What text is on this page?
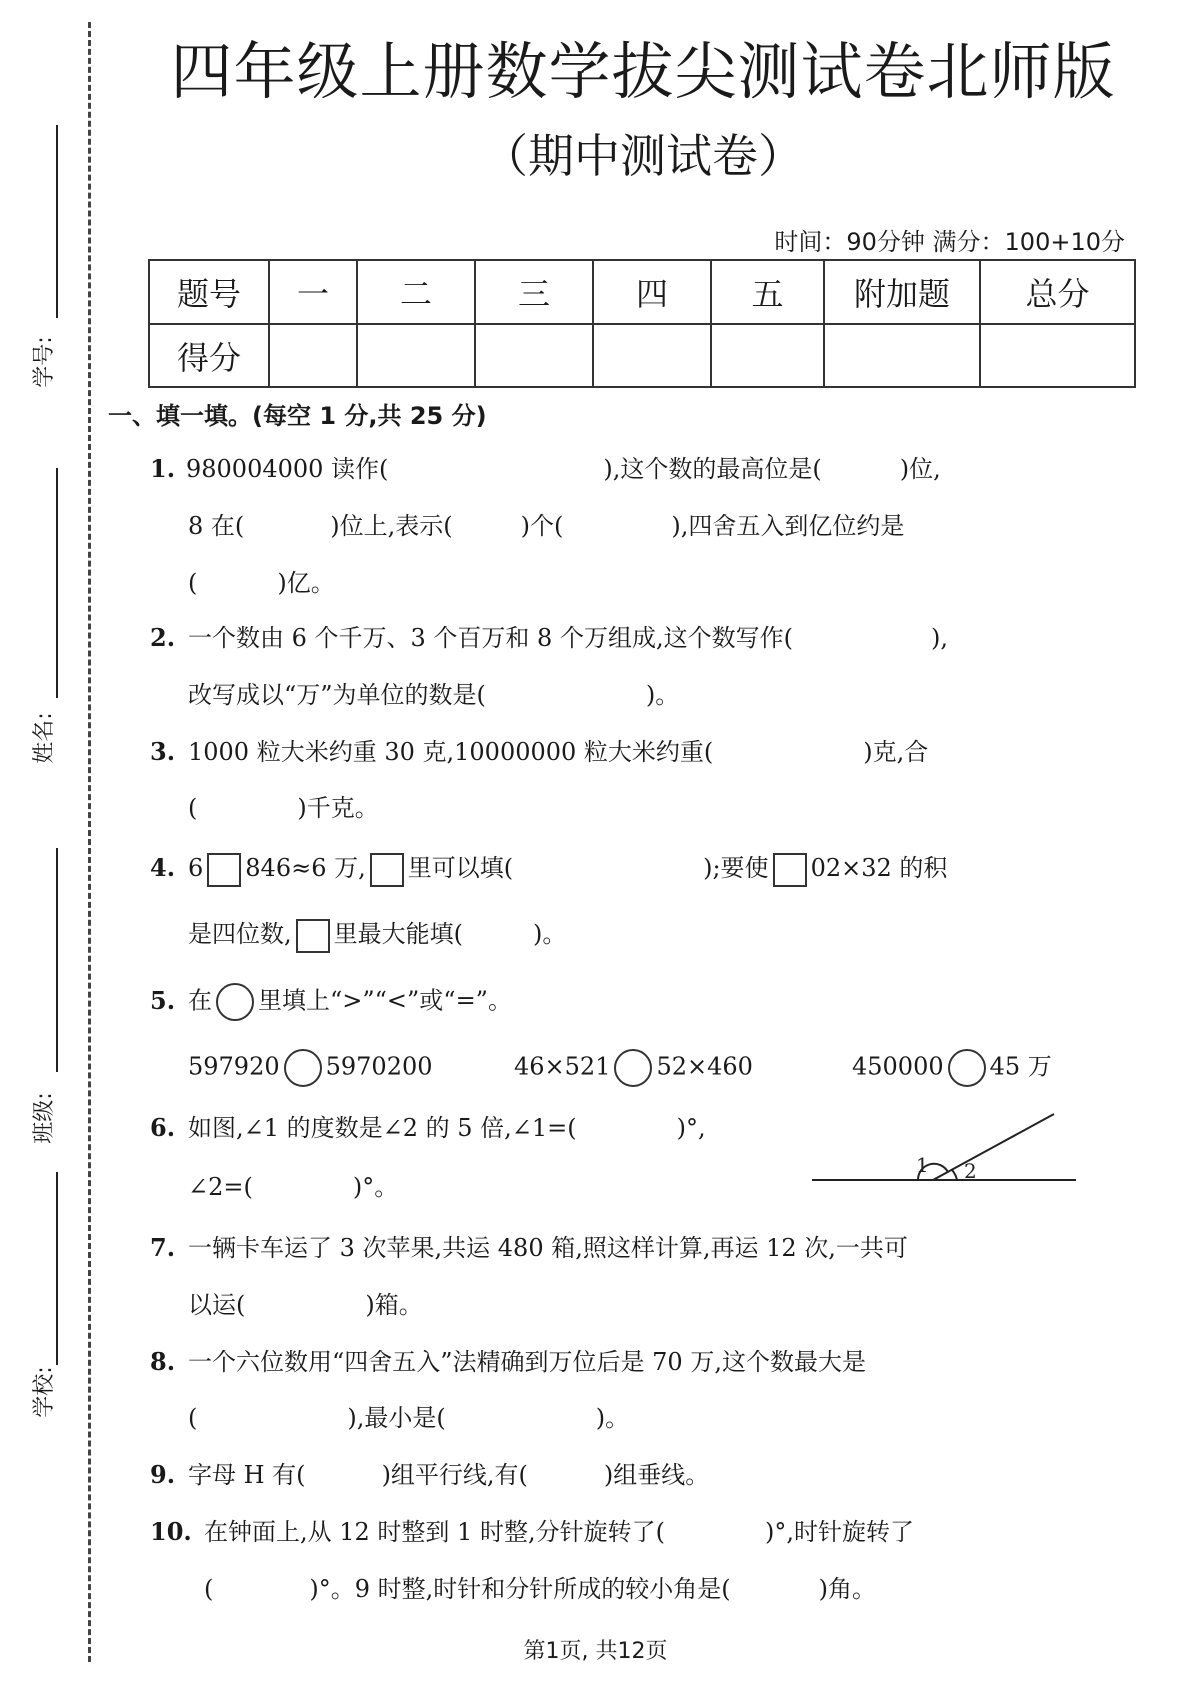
学号:
姓名:
班级:
学校:
四年级上册数学拔尖测试卷北师版
（期中测试卷）
时间：90分钟 满分：100+10分
题号	一	二	三	四	五	附加题	总分
得分							
一、填一填。(每空 1 分,共 25 分)
1. 980004000 读作(	),这个数的最高位是(	)位,
8 在(	)位上,表示(	)个(	),四舍五入到亿位约是
(	)亿。
2. 一个数由 6 个千万、3 个百万和 8 个万组成,这个数写作(	),
改写成以“万”为单位的数是(	)。
3. 1000 粒大米约重 30 克,10000000 粒大米约重(	)克,合
(	)千克。
4. 6 846≈6 万, 里可以填(	);要使 02×32 的积
是四位数, 里最大能填(	)。
5. 在 里填上“>”“<”或“=”。
597920 5970200	46×521 52×460	450000 45 万
6. 如图,∠1 的度数是∠2 的 5 倍,∠1=(	)°,
∠2=(	)°。
1 2
7. 一辆卡车运了 3 次苹果,共运 480 箱,照这样计算,再运 12 次,一共可
以运(	)箱。
8. 一个六位数用“四舍五入”法精确到万位后是 70 万,这个数最大是
(	),最小是(	)。
9. 字母 H 有(	)组平行线,有(	)组垂线。
10. 在钟面上,从 12 时整到 1 时整,分针旋转了(	)°,时针旋转了
(	)°。9 时整,时针和分针所成的较小角是(	)角。
第1页, 共12页
